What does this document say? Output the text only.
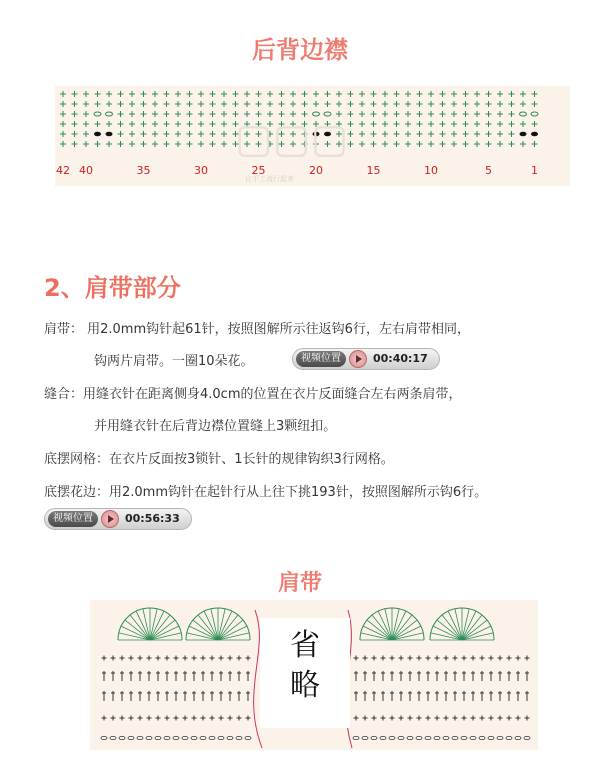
后背边襟
42 40	35	30	25	20	15	10	5	1
▢▢▢
让手工流行起来
2、肩带部分
肩带： 用2.0mm钩针起61针，按照图解所示往返钩6行，左右肩带相同，
钩两片肩带。一圈10朵花。	视频位置	00:40:17
缝合：用缝衣针在距离侧身4.0cm的位置在衣片反面缝合左右两条肩带，
并用缝衣针在后背边襟位置缝上3颗纽扣。
底摆网格：在衣片反面按3锁针、1长针的规律钩织3行网格。
底摆花边：用2.0mm钩针在起针行从上往下挑193针，按照图解所示钩6行。
视频位置	00:56:33
肩带
省略
